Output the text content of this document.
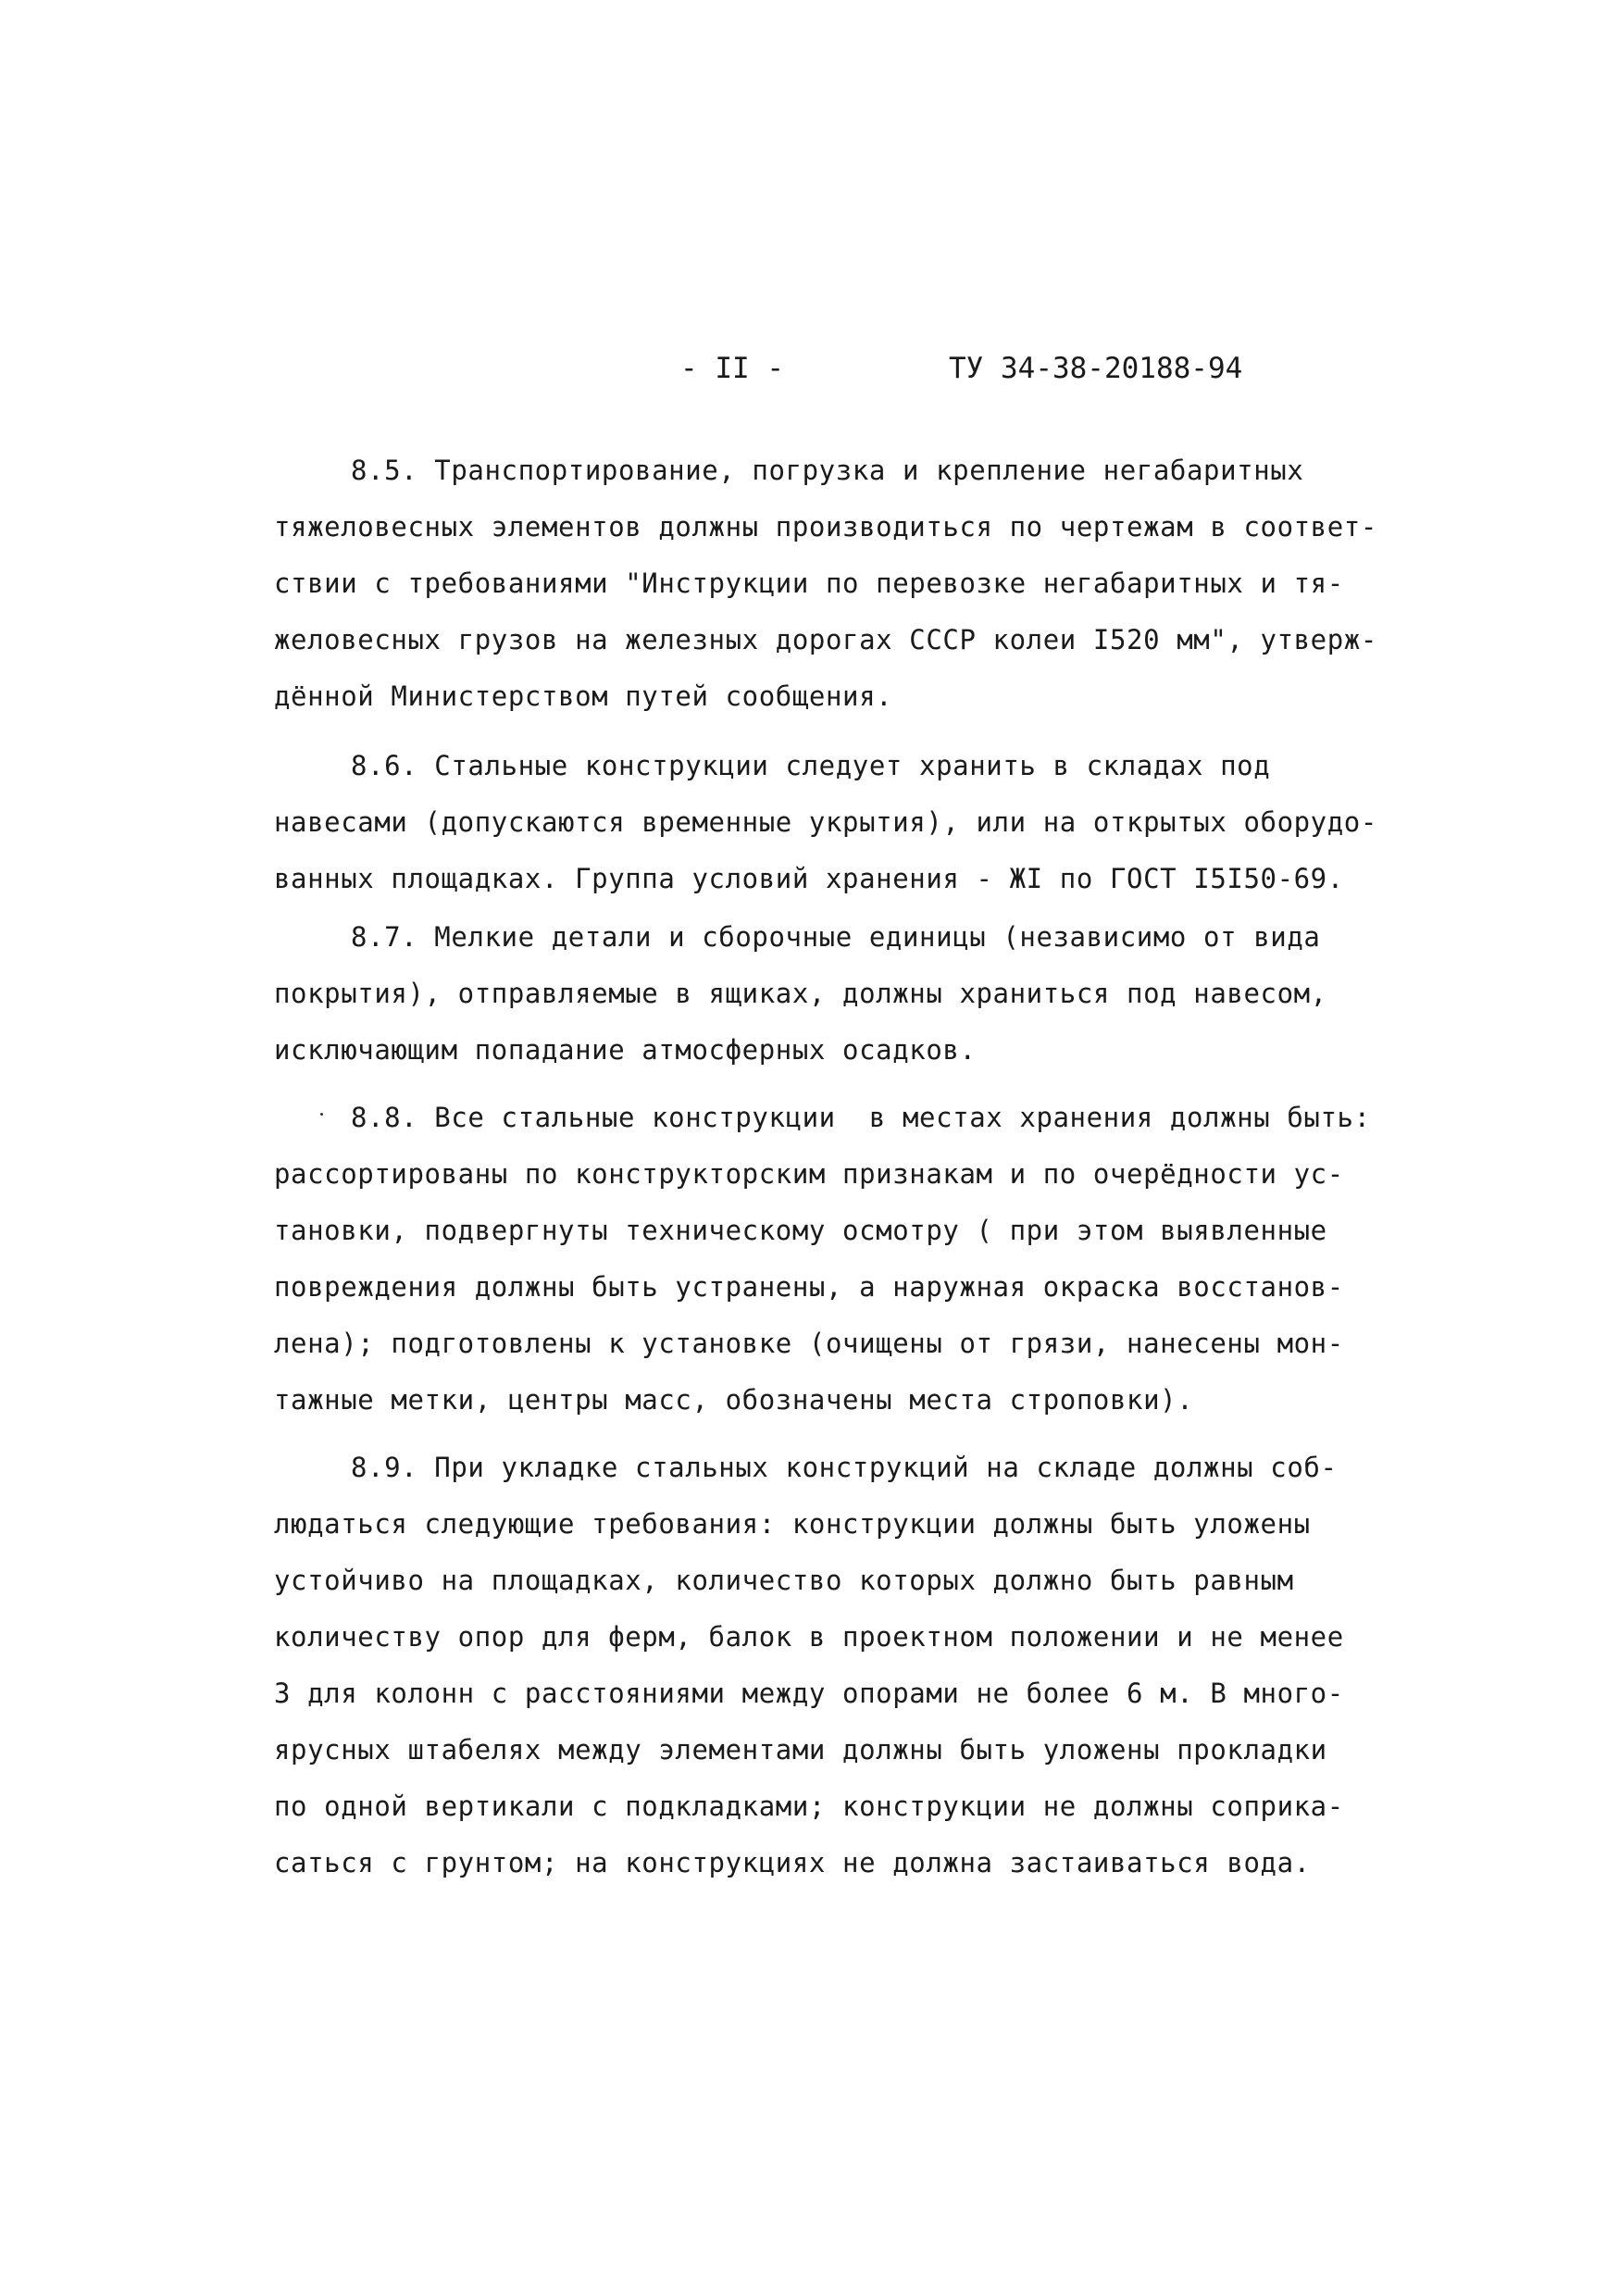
- II -	ТУ 34-38-20188-94
8.5. Транспортирование, погрузка и крепление негабаритных
тяжеловесных элементов должны производиться по чертежам в соответ-
ствии с требованиями "Инструкции по перевозке негабаритных и тя-
желовесных грузов на железных дорогах СССР колеи I520 мм", утверж-
дённой Министерством путей сообщения.
8.6. Стальные конструкции следует хранить в складах под
навесами (допускаются временные укрытия), или на открытых оборудо-
ванных площадках. Группа условий хранения - ЖI по ГОСТ I5I50-69.
8.7. Мелкие детали и сборочные единицы (независимо от вида
покрытия), отправляемые в ящиках, должны храниться под навесом,
исключающим попадание атмосферных осадков.
8.8. Все стальные конструкции  в местах хранения должны быть:
рассортированы по конструкторским признакам и по очерёдности ус-
тановки, подвергнуты техническому осмотру ( при этом выявленные
повреждения должны быть устранены, а наружная окраска восстанов-
лена); подготовлены к установке (очищены от грязи, нанесены мон-
тажные метки, центры масс, обозначены места строповки).
8.9. При укладке стальных конструкций на складе должны соб-
людаться следующие требования: конструкции должны быть уложены
устойчиво на площадках, количество которых должно быть равным
количеству опор для ферм, балок в проектном положении и не менее
3 для колонн с расстояниями между опорами не более 6 м. В много-
ярусных штабелях между элементами должны быть уложены прокладки
по одной вертикали с подкладками; конструкции не должны соприка-
саться с грунтом; на конструкциях не должна застаиваться вода.
